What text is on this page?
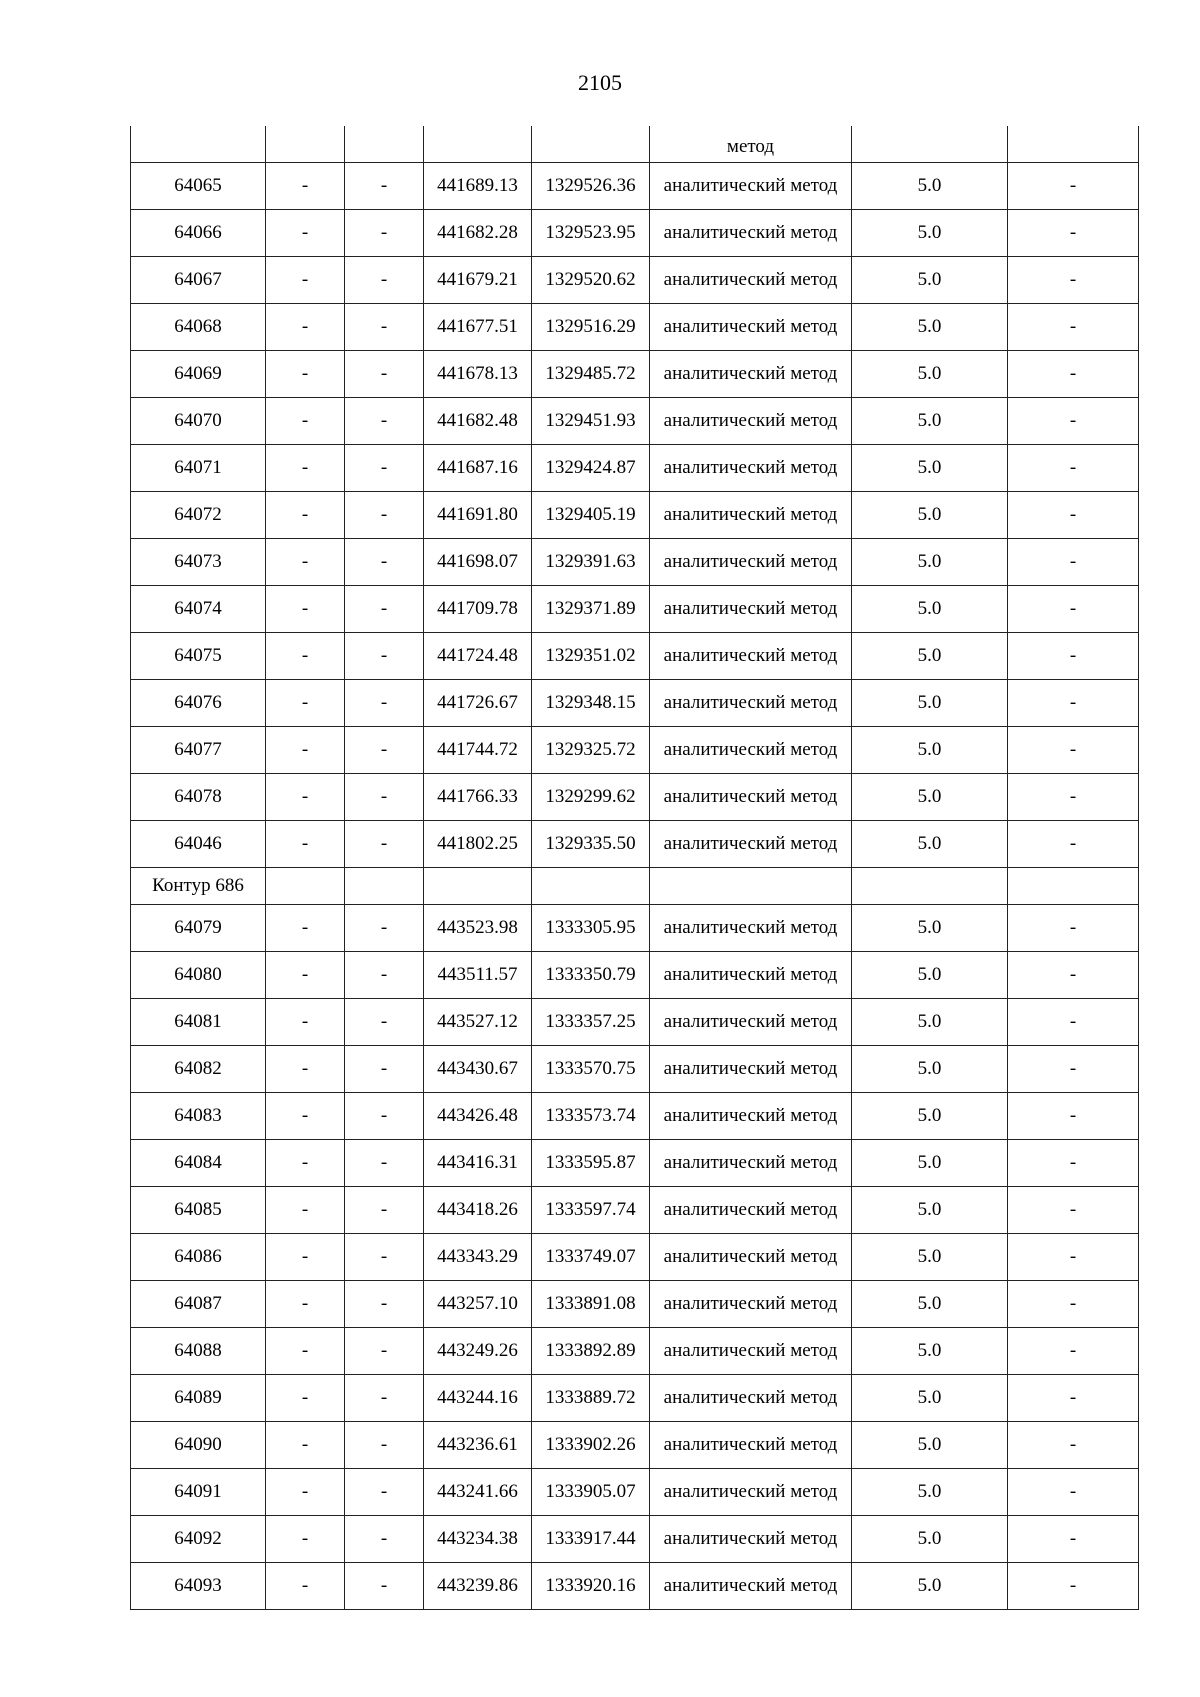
2105
					метод		
64065	-	-	441689.13	1329526.36	аналитический метод	5.0	-
64066	-	-	441682.28	1329523.95	аналитический метод	5.0	-
64067	-	-	441679.21	1329520.62	аналитический метод	5.0	-
64068	-	-	441677.51	1329516.29	аналитический метод	5.0	-
64069	-	-	441678.13	1329485.72	аналитический метод	5.0	-
64070	-	-	441682.48	1329451.93	аналитический метод	5.0	-
64071	-	-	441687.16	1329424.87	аналитический метод	5.0	-
64072	-	-	441691.80	1329405.19	аналитический метод	5.0	-
64073	-	-	441698.07	1329391.63	аналитический метод	5.0	-
64074	-	-	441709.78	1329371.89	аналитический метод	5.0	-
64075	-	-	441724.48	1329351.02	аналитический метод	5.0	-
64076	-	-	441726.67	1329348.15	аналитический метод	5.0	-
64077	-	-	441744.72	1329325.72	аналитический метод	5.0	-
64078	-	-	441766.33	1329299.62	аналитический метод	5.0	-
64046	-	-	441802.25	1329335.50	аналитический метод	5.0	-
Контур 686							
64079	-	-	443523.98	1333305.95	аналитический метод	5.0	-
64080	-	-	443511.57	1333350.79	аналитический метод	5.0	-
64081	-	-	443527.12	1333357.25	аналитический метод	5.0	-
64082	-	-	443430.67	1333570.75	аналитический метод	5.0	-
64083	-	-	443426.48	1333573.74	аналитический метод	5.0	-
64084	-	-	443416.31	1333595.87	аналитический метод	5.0	-
64085	-	-	443418.26	1333597.74	аналитический метод	5.0	-
64086	-	-	443343.29	1333749.07	аналитический метод	5.0	-
64087	-	-	443257.10	1333891.08	аналитический метод	5.0	-
64088	-	-	443249.26	1333892.89	аналитический метод	5.0	-
64089	-	-	443244.16	1333889.72	аналитический метод	5.0	-
64090	-	-	443236.61	1333902.26	аналитический метод	5.0	-
64091	-	-	443241.66	1333905.07	аналитический метод	5.0	-
64092	-	-	443234.38	1333917.44	аналитический метод	5.0	-
64093	-	-	443239.86	1333920.16	аналитический метод	5.0	-
